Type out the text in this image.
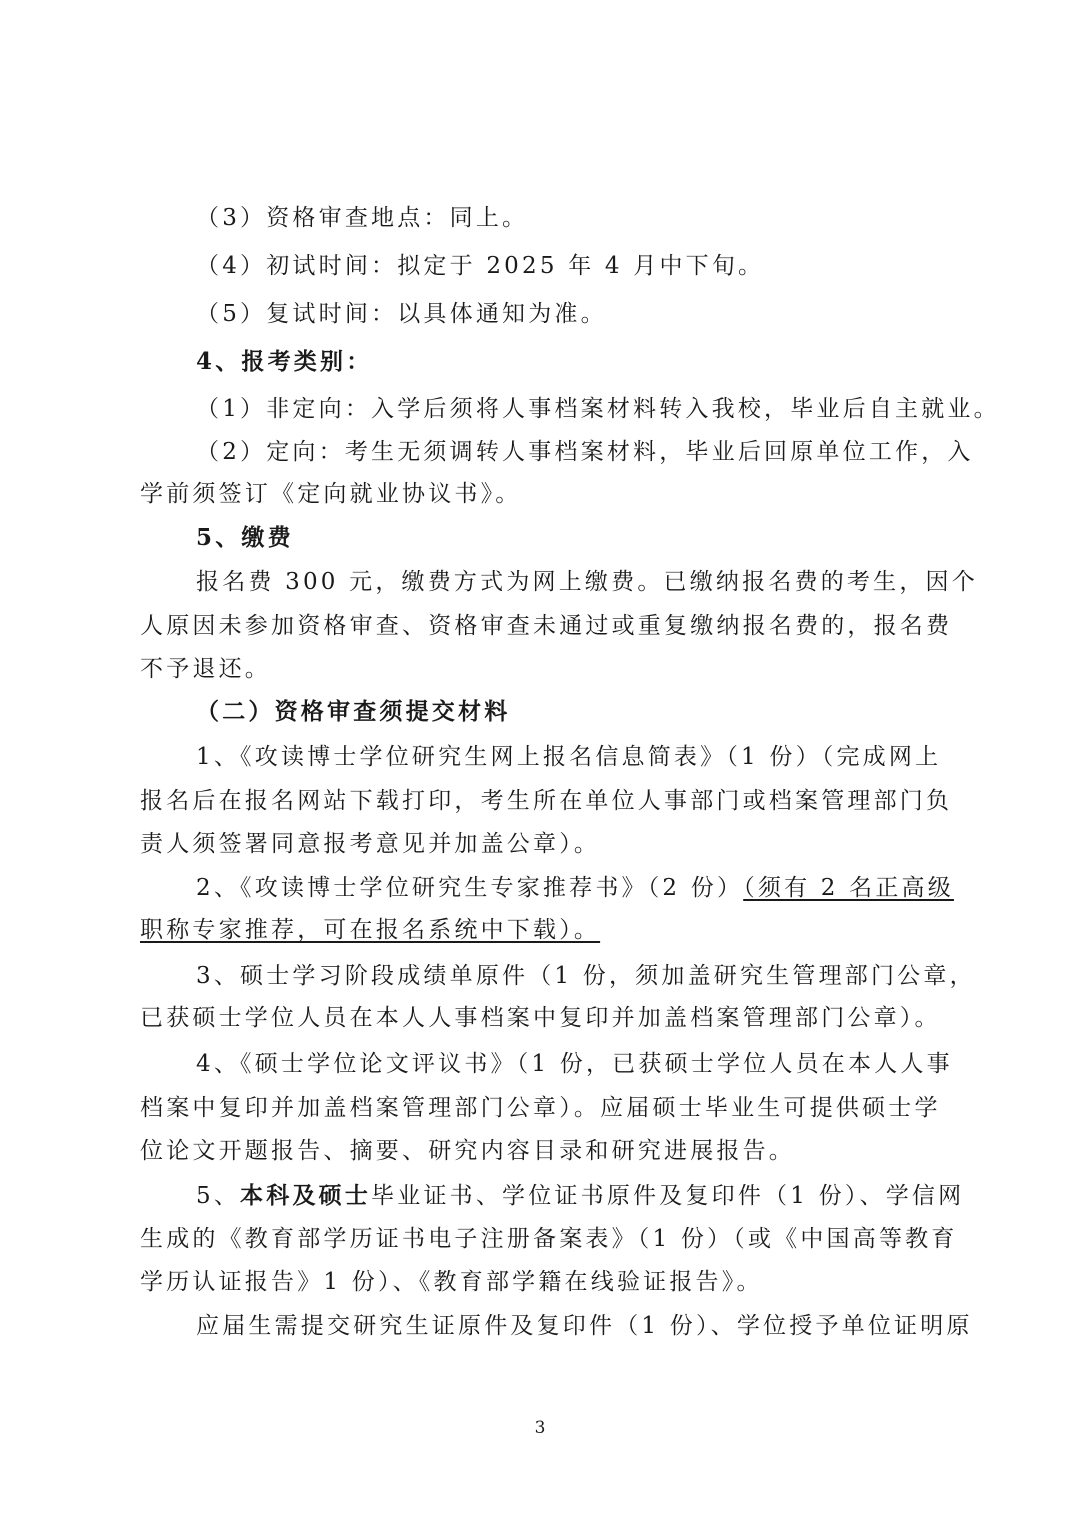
（3）资格审查地点：同上。
（4）初试时间：拟定于 2025 年 4 月中下旬。
（5）复试时间：以具体通知为准。
4、报考类别：
（1）非定向：入学后须将人事档案材料转入我校，毕业后自主就业。
（2）定向：考生无须调转人事档案材料，毕业后回原单位工作，入
学前须签订《定向就业协议书》。
5、缴费
报名费 300 元，缴费方式为网上缴费。已缴纳报名费的考生，因个
人原因未参加资格审查、资格审查未通过或重复缴纳报名费的，报名费
不予退还。
（二）资格审查须提交材料
1、《攻读博士学位研究生网上报名信息简表》（1 份）（完成网上
报名后在报名网站下载打印，考生所在单位人事部门或档案管理部门负
责人须签署同意报考意见并加盖公章）。
2、《攻读博士学位研究生专家推荐书》（2 份）（须有 2 名正高级
职称专家推荐，可在报名系统中下载）。
3、硕士学习阶段成绩单原件（1 份，须加盖研究生管理部门公章，
已获硕士学位人员在本人人事档案中复印并加盖档案管理部门公章）。
4、《硕士学位论文评议书》（1 份，已获硕士学位人员在本人人事
档案中复印并加盖档案管理部门公章）。应届硕士毕业生可提供硕士学
位论文开题报告、摘要、研究内容目录和研究进展报告。
5、本科及硕士毕业证书、学位证书原件及复印件（1 份）、学信网
生成的《教育部学历证书电子注册备案表》（1 份）（或《中国高等教育
学历认证报告》1 份）、《教育部学籍在线验证报告》。
应届生需提交研究生证原件及复印件（1 份）、学位授予单位证明原
3
